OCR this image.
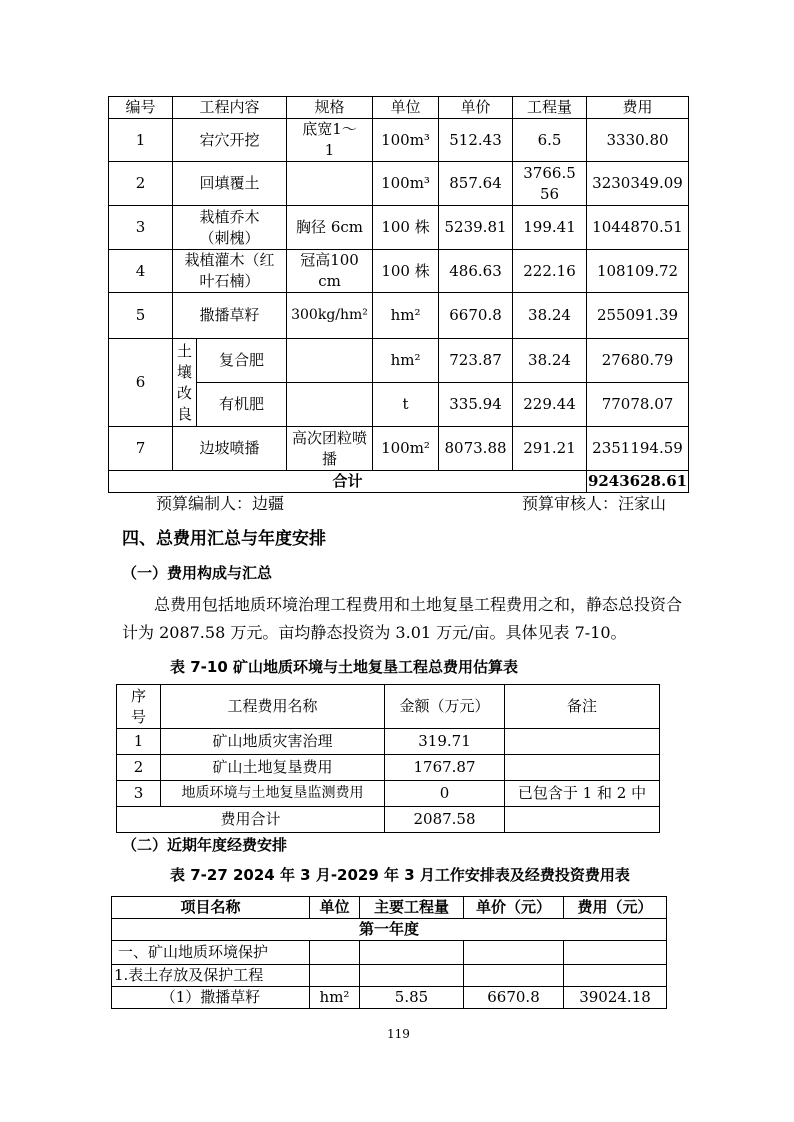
编号	工程内容		规格	单位	单价	工程量	费用
1	宕穴开挖		底宽1～1	100m³	512.43	6.5	3330.80
2	回填覆土			100m³	857.64	3766.556	3230349.09
3	栽植乔木（刺槐）		胸径 6cm	100 株	5239.81	199.41	1044870.51
4	栽植灌木（红叶石楠）		冠高100cm	100 株	486.63	222.16	108109.72
5	撒播草籽		300kg/hm²	hm²	6670.8	38.24	255091.39
6	土壤改良	复合肥		hm²	723.87	38.24	27680.79
		有机肥		t	335.94	229.44	77078.07
7	边坡喷播		高次团粒喷播	100m²	8073.88	291.21	2351194.59
合计							9243628.61
预算编制人：边疆	预算审核人：汪家山
四、总费用汇总与年度安排
（一）费用构成与汇总
总费用包括地质环境治理工程费用和土地复垦工程费用之和，静态总投资合
计为 2087.58 万元。亩均静态投资为 3.01 万元/亩。具体见表 7-10。
表 7-10 矿山地质环境与土地复垦工程总费用估算表
序号	工程费用名称	金额（万元）	备注
1	矿山地质灾害治理	319.71	
2	矿山土地复垦费用	1767.87	
3	地质环境与土地复垦监测费用	0	已包含于 1 和 2 中
费用合计		2087.58	
（二）近期年度经费安排
表 7-27 2024 年 3 月-2029 年 3 月工作安排表及经费投资费用表
项目名称	单位	主要工程量	单价（元）	费用（元）
第一年度				
一、矿山地质环境保护				
1.表土存放及保护工程				
（1）撒播草籽	hm²	5.85	6670.8	39024.18
119
